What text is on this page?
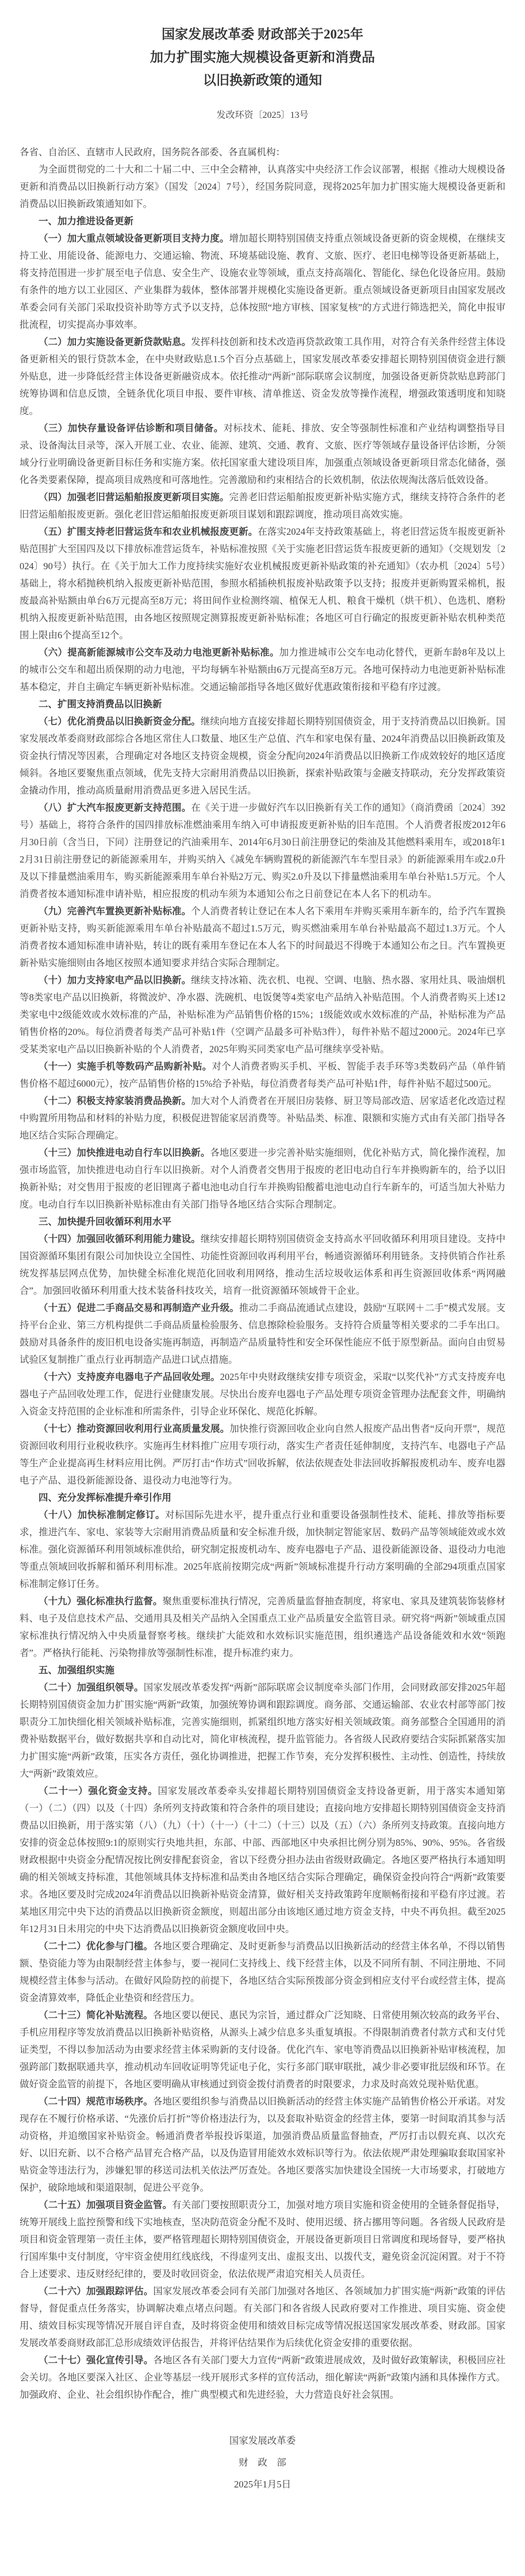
国家发展改革委 财政部关于2025年
加力扩围实施大规模设备更新和消费品
以旧换新政策的通知
发改环资〔2025〕13号

各省、自治区、直辖市人民政府，国务院各部委、各直属机构：

为全面贯彻党的二十大和二十届二中、三中全会精神，认真落实中央经济工作会议部署，根据《推动大规模设备更新和消费品以旧换新行动方案》（国发〔2024〕7号），经国务院同意，现将2025年加力扩围实施大规模设备更新和消费品以旧换新政策通知如下。

一、加力推进设备更新

（一）加大重点领域设备更新项目支持力度。增加超长期特别国债支持重点领域设备更新的资金规模，在继续支持工业、用能设备、能源电力、交通运输、物流、环境基础设施、教育、文旅、医疗、老旧电梯等设备更新基础上，将支持范围进一步扩展至电子信息、安全生产、设施农业等领域，重点支持高端化、智能化、绿色化设备应用。鼓励有条件的地方以工业园区、产业集群为载体，整体部署并规模化实施设备更新。重点领域设备更新项目由国家发展改革委会同有关部门采取投资补助等方式予以支持，总体按照“地方审核、国家复核”的方式进行筛选把关，简化申报审批流程，切实提高办事效率。

（二）加力实施设备更新贷款贴息。发挥科技创新和技术改造再贷款政策工具作用，对符合有关条件经营主体设备更新相关的银行贷款本金，在中央财政贴息1.5个百分点基础上，国家发展改革委安排超长期特别国债资金进行额外贴息，进一步降低经营主体设备更新融资成本。依托推动“两新”部际联席会议制度，加强设备更新贷款贴息跨部门统筹协调和信息反馈，全链条优化项目申报、要件审核、清单推送、资金发放等操作流程，增强政策透明度和知晓度。

（三）加快存量设备评估诊断和项目储备。对标技术、能耗、排放、安全等强制性标准和产业结构调整指导目录、设备淘汰目录等，深入开展工业、农业、能源、建筑、交通、教育、文旅、医疗等领域存量设备评估诊断，分领域分行业明确设备更新目标任务和实施方案。依托国家重大建设项目库，加强重点领域设备更新项目常态化储备，强化各类要素保障，提高项目成熟度和可落地性。完善激励和约束相结合的长效机制，依法依规淘汰落后低效设备。

（四）加强老旧营运船舶报废更新项目实施。完善老旧营运船舶报废更新补贴实施方式，继续支持符合条件的老旧营运船舶报废更新。强化老旧营运船舶报废更新项目谋划和跟踪调度，推动项目高效实施。

（五）扩围支持老旧营运货车和农业机械报废更新。在落实2024年支持政策基础上，将老旧营运货车报废更新补贴范围扩大至国四及以下排放标准营运货车，补贴标准按照《关于实施老旧营运货车报废更新的通知》（交规划发〔2024〕90号）执行。在《关于加大工作力度持续实施好农业机械报废更新补贴政策的补充通知》（农办机〔2024〕5号）基础上，将水稻抛秧机纳入报废更新补贴范围，参照水稻插秧机报废补贴政策予以支持；报废并更新购置采棉机，报废最高补贴额由单台6万元提高至8万元；将田间作业检测终端、植保无人机、粮食干燥机（烘干机）、色选机、磨粉机纳入报废更新补贴范围，由各地区按照规定测算报废更新补贴标准；各地区可自行确定的报废更新补贴农机种类范围上限由6个提高至12个。

（六）提高新能源城市公交车及动力电池更新补贴标准。加力推进城市公交车电动化替代，更新车龄8年及以上的城市公交车和超出质保期的动力电池，平均每辆车补贴额由6万元提高至8万元。各地可保持动力电池更新补贴标准基本稳定，并自主确定车辆更新补贴标准。交通运输部指导各地区做好优惠政策衔接和平稳有序过渡。

二、扩围支持消费品以旧换新

（七）优化消费品以旧换新资金分配。继续向地方直接安排超长期特别国债资金，用于支持消费品以旧换新。国家发展改革委商财政部综合各地区常住人口数量、地区生产总值、汽车和家电保有量、2024年消费品以旧换新政策及资金执行情况等因素，合理确定对各地区支持资金规模，资金分配向2024年消费品以旧换新工作成效较好的地区适度倾斜。各地区要聚焦重点领域，优先支持大宗耐用消费品以旧换新，探索补贴政策与金融支持联动，充分发挥政策资金撬动作用，推动高质量耐用消费品更多进入居民生活。

（八）扩大汽车报废更新支持范围。在《关于进一步做好汽车以旧换新有关工作的通知》（商消费函〔2024〕392号）基础上，将符合条件的国四排放标准燃油乘用车纳入可申请报废更新补贴的旧车范围。个人消费者报废2012年6月30日前（含当日，下同）注册登记的汽油乘用车、2014年6月30日前注册登记的柴油及其他燃料乘用车，或2018年12月31日前注册登记的新能源乘用车，并购买纳入《减免车辆购置税的新能源汽车车型目录》的新能源乘用车或2.0升及以下排量燃油乘用车，购买新能源乘用车单台补贴2万元、购买2.0升及以下排量燃油乘用车单台补贴1.5万元。个人消费者按本通知标准申请补贴，相应报废的机动车须为本通知公布之日前登记在本人名下的机动车。

（九）完善汽车置换更新补贴标准。个人消费者转让登记在本人名下乘用车并购买乘用车新车的，给予汽车置换更新补贴支持，购买新能源乘用车单台补贴最高不超过1.5万元，购买燃油乘用车单台补贴最高不超过1.3万元。个人消费者按本通知标准申请补贴，转让的既有乘用车登记在本人名下的时间最迟不得晚于本通知公布之日。汽车置换更新补贴实施细则由各地区按照本通知要求并结合实际合理制定。

（十）加力支持家电产品以旧换新。继续支持冰箱、洗衣机、电视、空调、电脑、热水器、家用灶具、吸油烟机等8类家电产品以旧换新，将微波炉、净水器、洗碗机、电饭煲等4类家电产品纳入补贴范围。个人消费者购买上述12类家电中2级能效或水效标准的产品，补贴标准为产品销售价格的15%；1级能效或水效标准的产品，补贴标准为产品销售价格的20%。每位消费者每类产品可补贴1件（空调产品最多可补贴3件），每件补贴不超过2000元。2024年已享受某类家电产品以旧换新补贴的个人消费者，2025年购买同类家电产品可继续享受补贴。

（十一）实施手机等数码产品购新补贴。对个人消费者购买手机、平板、智能手表手环等3类数码产品（单件销售价格不超过6000元），按产品销售价格的15%给予补贴，每位消费者每类产品可补贴1件，每件补贴不超过500元。

（十二）积极支持家装消费品换新。加大对个人消费者在开展旧房装修、厨卫等局部改造、居家适老化改造过程中购置所用物品和材料的补贴力度，积极促进智能家居消费等。补贴品类、标准、限额和实施方式由有关部门指导各地区结合实际合理确定。

（十三）加快推进电动自行车以旧换新。各地区要进一步完善补贴实施细则，优化补贴方式，简化操作流程，加强市场监管，加快推进电动自行车以旧换新。对个人消费者交售用于报废的老旧电动自行车并换购新车的，给予以旧换新补贴；对交售用于报废的老旧锂离子蓄电池电动自行车并换购铅酸蓄电池电动自行车新车的，可适当加大补贴力度。电动自行车以旧换新补贴标准由有关部门指导各地区结合实际合理制定。

三、加快提升回收循环利用水平

（十四）加强回收循环利用能力建设。继续安排超长期特别国债资金支持高水平回收循环利用项目建设。支持中国资源循环集团有限公司加快设立全国性、功能性资源回收再利用平台，畅通资源循环利用链条。支持供销合作社系统发挥基层网点优势，加快健全标准化规范化回收利用网络，推动生活垃圾收运体系和再生资源回收体系“两网融合”。加强回收循环利用重大技术装备科技攻关，培育一批资源循环领域骨干企业。

（十五）促进二手商品交易和再制造产业升级。推动二手商品流通试点建设，鼓励“互联网＋二手”模式发展。支持平台企业、第三方机构提供二手商品质量检验服务、信息擦除检验服务。支持符合质量等相关要求的二手车出口。鼓励对具备条件的废旧机电设备实施再制造，再制造产品质量特性和安全环保性能应不低于原型新品。面向自由贸易试验区复制推广重点行业再制造产品进口试点措施。

（十六）支持废弃电器电子产品回收处理。2025年中央财政继续安排专项资金，采取“以奖代补”方式支持废弃电器电子产品回收处理工作，促进行业健康发展。尽快出台废弃电器电子产品处理专项资金管理办法配套文件，明确纳入资金支持范围的企业标准和所需条件，引导企业环保化、规范化拆解。

（十七）推动资源回收利用行业高质量发展。加快推行资源回收企业向自然人报废产品出售者“反向开票”，规范资源回收利用行业税收秩序。实施再生材料推广应用专项行动，落实生产者责任延伸制度，支持汽车、电器电子产品等生产企业提高再生材料应用比例。严厉打击“作坊式”回收拆解，依法依规查处非法回收拆解报废机动车、废弃电器电子产品、退役新能源设备、退役动力电池等行为。

四、充分发挥标准提升牵引作用

（十八）加快标准制定修订。对标国际先进水平，提升重点行业和重要设备强制性技术、能耗、排放等指标要求，推进汽车、家电、家装等大宗耐用消费品质量和安全标准升级，加快制定智能家居、数码产品等领域能效或水效标准。强化资源循环利用领域标准供给，研究制定报废机动车、废弃电器电子产品、退役新能源设备、退役动力电池等重点领域回收拆解和循环利用标准。2025年底前按期完成“两新”领域标准提升行动方案明确的全部294项重点国家标准制定修订任务。

（十九）强化标准执行监督。聚焦重要标准执行情况，完善质量监督抽查制度，将家电、家具及建筑装饰装修材料、电子及信息技术产品、交通用具及相关产品纳入全国重点工业产品质量安全监管目录。研究将“两新”领域重点国家标准执行情况纳入中央质量督察考核。继续扩大能效和水效标识实施范围，组织遴选产品设备能效和水效“领跑者”。严格执行能耗、污染物排放等强制性标准，提升标准约束力。

五、加强组织实施

（二十）加强组织领导。国家发展改革委发挥“两新”部际联席会议制度牵头部门作用，会同财政部安排2025年超长期特别国债资金加力扩围实施“两新”政策，加强统筹协调和跟踪调度。商务部、交通运输部、农业农村部等部门按职责分工加快细化相关领域补贴标准，完善实施细则，抓紧组织地方落实好相关领域政策。商务部整合全国通用的消费补贴数据平台，做好数据共享和自动比对，简化审核流程，提升监管能力。各省级人民政府要结合实际抓紧落实加力扩围实施“两新”政策，压实各方责任，强化协调推进，把握工作节奏，充分发挥积极性、主动性、创造性，持续放大“两新”政策效应。

（二十一）强化资金支持。国家发展改革委牵头安排超长期特别国债资金支持设备更新，用于落实本通知第（一）（二）（四）以及（十四）条所列支持政策和符合条件的项目建设；直接向地方安排超长期特别国债资金支持消费品以旧换新，用于落实第（八）（九）（十）（十一）（十二）（十三）以及（五）（六）条所列支持政策。直接向地方安排的资金总体按照9:1的原则实行央地共担，东部、中部、西部地区中央承担比例分别为85%、90%、95%。各省级财政根据中央资金分配情况按比例安排配套资金，省以下经费分担办法由省级财政确定。各地区要严格执行本通知明确的相关领域支持标准，其他领域具体支持标准和品类由各地区结合实际合理确定，确保资金投向符合“两新”政策要求。各地区要及时完成2024年消费品以旧换新补贴资金清算，做好相关支持政策跨年度顺畅衔接和平稳有序过渡。若某地区用完中央下达的消费品以旧换新资金额度，则超出部分由该地区通过地方资金支持，中央不再负担。截至2025年12月31日未用完的中央下达消费品以旧换新资金额度收回中央。

（二十二）优化参与门槛。各地区要合理确定、及时更新参与消费品以旧换新活动的经营主体名单，不得以销售额、垫资能力等为由限制经营主体参与，要一视同仁支持线上、线下经营主体，以及不同所有制、不同注册地、不同规模经营主体参与活动。在做好风险防控的前提下，各地区结合实际预拨部分资金到相应支付平台或经营主体，提高资金清算效率，降低企业垫资和经营压力。

（二十三）简化补贴流程。各地区要以便民、惠民为宗旨，通过群众广泛知晓、日常使用频次较高的政务平台、手机应用程序等发放消费品以旧换新补贴资格，从源头上减少信息多头重复填报。不得限制消费者付款方式和支付凭证类型，不得以参加活动为由要求经营主体采购新的支付设备。优化汽车、家电等消费品以旧换新补贴审核流程，加强跨部门数据联通共享，推动机动车回收证明等凭证电子化，实行多部门联审联批，减少非必要审批层级和环节。在做好资金监管的前提下，各地区要明确从审核通过到资金拨付消费者的时限要求，力求及时高效兑现补贴优惠。

（二十四）规范市场秩序。各地区要组织参与消费品以旧换新活动的经营主体实施产品销售价格公开承诺。对发现存在不履行价格承诺、“先涨价后打折”等价格违法行为，以及套取补贴资金的经营主体，要第一时间取消其参与活动资格，并追缴国家补贴资金。畅通消费者举报投诉渠道，加强消费品质量监督抽查，严厉打击以假充真、以次充好、以旧充新、以不合格产品冒充合格产品，以及伪造冒用能效水效标识等行为。依法依规严肃处理骗取套取国家补贴资金等违法行为，涉嫌犯罪的移送司法机关依法严厉查处。各地区要落实加快建设全国统一大市场要求，打破地方保护，破除地域和渠道限制，促进公平竞争。

（二十五）加强项目资金监管。有关部门要按照职责分工，加强对地方项目实施和资金使用的全链条督促指导，统筹开展线上监控预警和线下实地核查，坚决防范资金分配不及时、使用迟缓、挤占挪用等问题。各省级人民政府是项目和资金管理第一责任主体，要严格管理超长期特别国债资金，开展设备更新项目日常调度和现场督导，要严格执行国库集中支付制度，守牢资金使用红线底线，不得虚列支出、虚报支出、以拨代支，避免资金沉淀闲置。对于不符合上述要求、违反财经纪律的，要及时收回资金，依法依规严肃追究相关人员责任。

（二十六）加强跟踪评估。国家发展改革委会同有关部门加强对各地区、各领域加力扩围实施“两新”政策的评估督导，督促重点任务落实，协调解决难点堵点问题。有关部门和各省级人民政府要对工作推进、项目实施、资金使用、绩效目标实现等情况开展自评自查，及时将资金使用和绩效目标完成等情况报送国家发展改革委、财政部。国家发展改革委商财政部汇总形成绩效评估报告，并将评估结果作为后续优化资金安排的重要依据。

（二十七）强化宣传引导。各地区各有关部门要大力宣传“两新”政策进展成效，及时做好政策解读，积极回应社会关切。各地区要深入社区、企业等基层一线开展形式多样的宣传活动，细化解读“两新”政策内涵和具体操作方式。加强政府、企业、社会组织协作配合，推广典型模式和先进经验，大力营造良好社会氛围。

国家发展改革委
财　政　部
2025年1月5日
